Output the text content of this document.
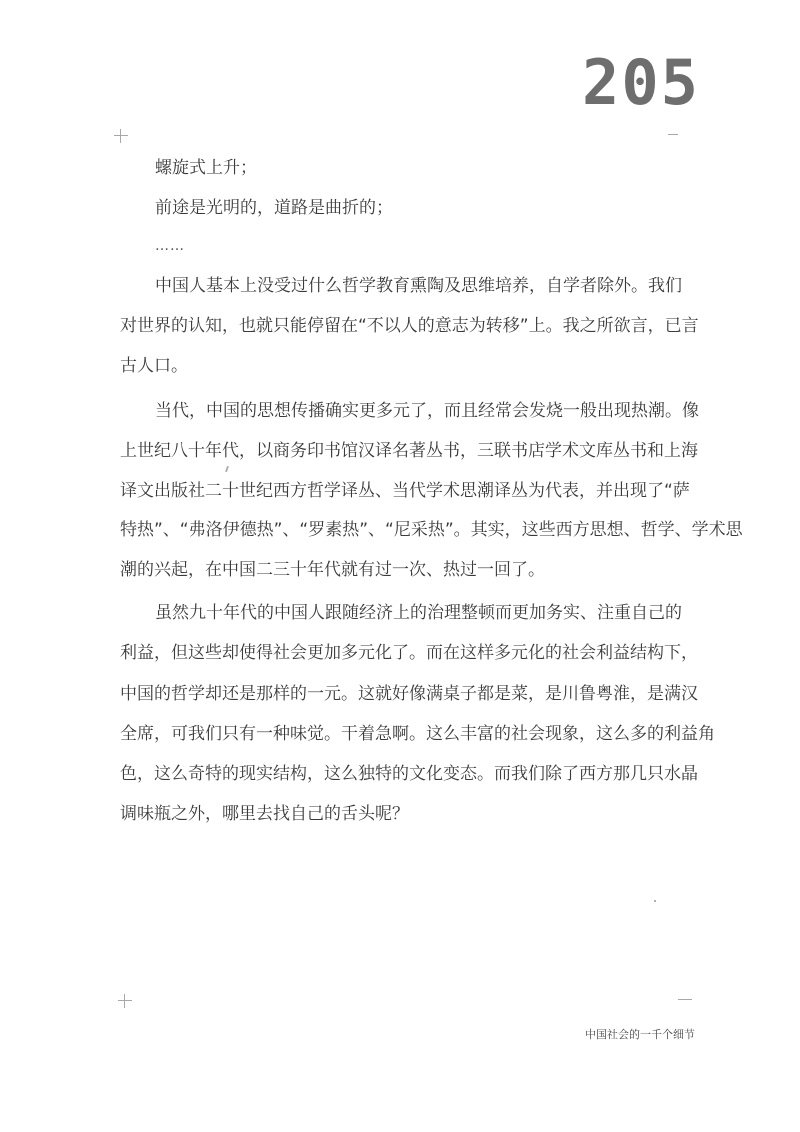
205
螺旋式上升；
前途是光明的，道路是曲折的；
……
中国人基本上没受过什么哲学教育熏陶及思维培养，自学者除外。我们
对世界的认知，也就只能停留在“不以人的意志为转移”上。我之所欲言，已言
古人口。
当代，中国的思想传播确实更多元了，而且经常会发烧一般出现热潮。像
上世纪八十年代，以商务印书馆汉译名著丛书，三联书店学术文库丛书和上海
译文出版社二十世纪西方哲学译丛、当代学术思潮译丛为代表，并出现了“萨
特热”、“弗洛伊德热”、“罗素热”、“尼采热”。其实，这些西方思想、哲学、学术思
潮的兴起，在中国二三十年代就有过一次、热过一回了。
虽然九十年代的中国人跟随经济上的治理整顿而更加务实、注重自己的
利益，但这些却使得社会更加多元化了。而在这样多元化的社会利益结构下，
中国的哲学却还是那样的一元。这就好像满桌子都是菜，是川鲁粤淮，是满汉
全席，可我们只有一种味觉。干着急啊。这么丰富的社会现象，这么多的利益角
色，这么奇特的现实结构，这么独特的文化变态。而我们除了西方那几只水晶
调味瓶之外，哪里去找自己的舌头呢？
中国社会的一千个细节
